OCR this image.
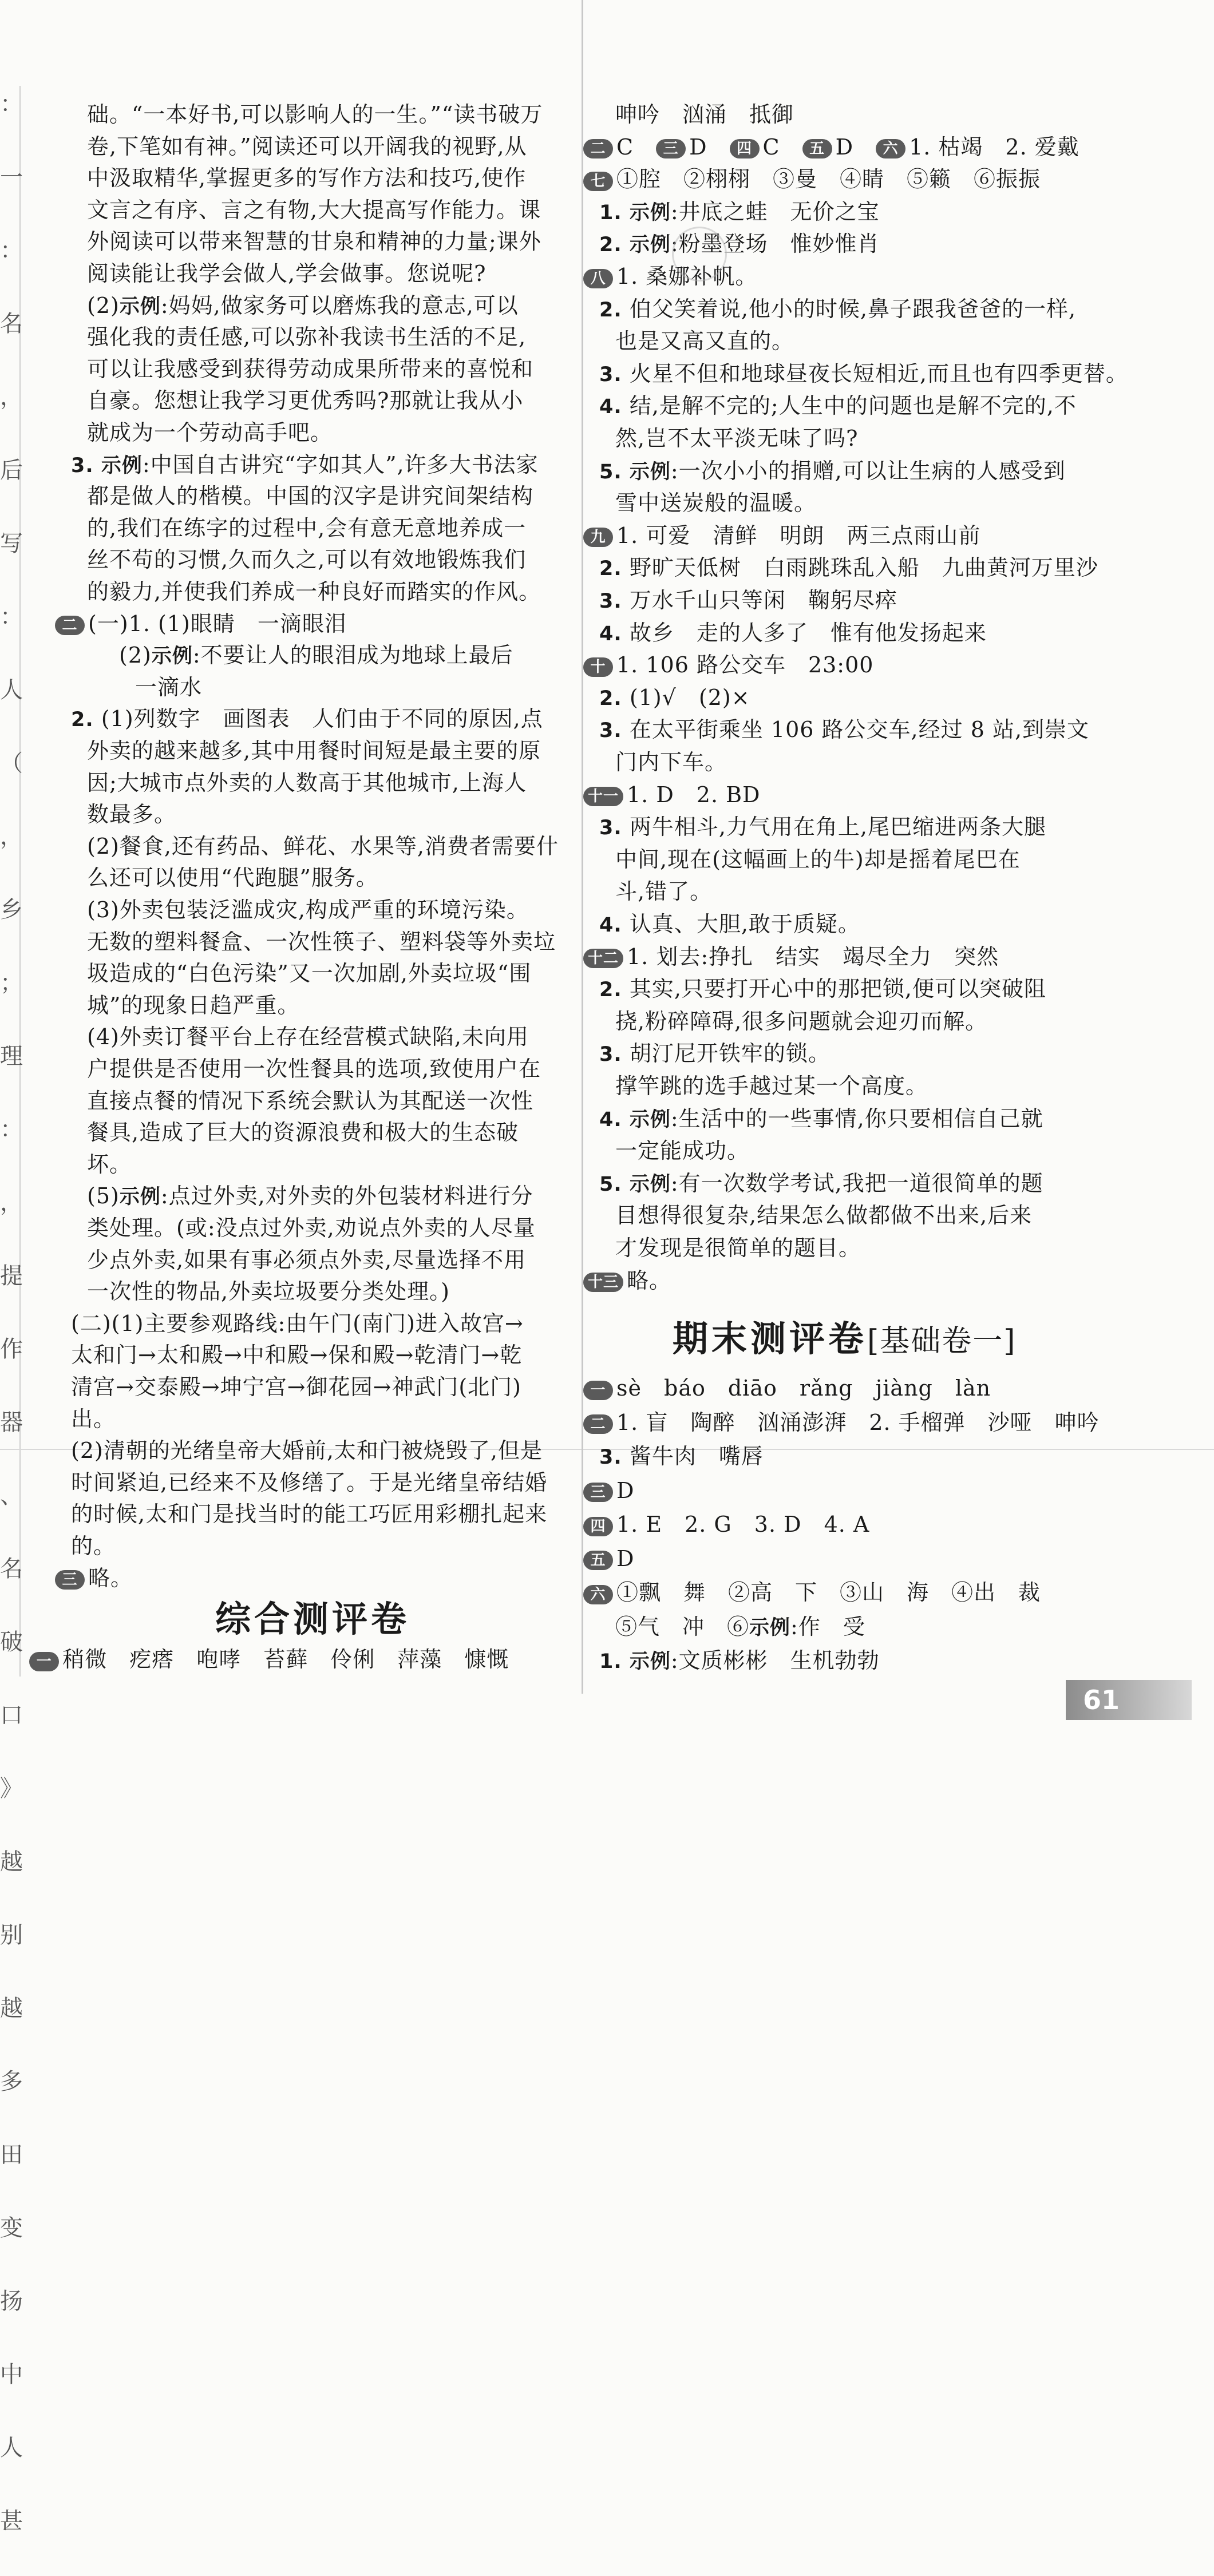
：

一

：

名

，

后

写

：

人

（

，

乡

；

理

：

，

提

作

器

、

名

破

口

》

越

别

越

多

田

变

扬

中

人

甚

础。“一本好书,可以影响人的一生。”“读书破万
卷,下笔如有神。”阅读还可以开阔我的视野,从
中汲取精华,掌握更多的写作方法和技巧,使作
文言之有序、言之有物,大大提高写作能力。课
外阅读可以带来智慧的甘泉和精神的力量;课外
阅读能让我学会做人,学会做事。您说呢?
(2)示例:妈妈,做家务可以磨炼我的意志,可以
强化我的责任感,可以弥补我读书生活的不足,
可以让我感受到获得劳动成果所带来的喜悦和
自豪。您想让我学习更优秀吗?那就让我从小
就成为一个劳动高手吧。
3. 示例:中国自古讲究“字如其人”,许多大书法家
都是做人的楷模。中国的汉字是讲究间架结构
的,我们在练字的过程中,会有意无意地养成一
丝不苟的习惯,久而久之,可以有效地锻炼我们
的毅力,并使我们养成一种良好而踏实的作风。
二 (一)1. (1)眼睛　一滴眼泪
(2)示例:不要让人的眼泪成为地球上最后
一滴水
2. (1)列数字　画图表　人们由于不同的原因,点
外卖的越来越多,其中用餐时间短是最主要的原
因;大城市点外卖的人数高于其他城市,上海人
数最多。
(2)餐食,还有药品、鲜花、水果等,消费者需要什
么还可以使用“代跑腿”服务。
(3)外卖包装泛滥成灾,构成严重的环境污染。
无数的塑料餐盒、一次性筷子、塑料袋等外卖垃
圾造成的“白色污染”又一次加剧,外卖垃圾“围
城”的现象日趋严重。
(4)外卖订餐平台上存在经营模式缺陷,未向用
户提供是否使用一次性餐具的选项,致使用户在
直接点餐的情况下系统会默认为其配送一次性
餐具,造成了巨大的资源浪费和极大的生态破
坏。
(5)示例:点过外卖,对外卖的外包装材料进行分
类处理。(或:没点过外卖,劝说点外卖的人尽量
少点外卖,如果有事必须点外卖,尽量选择不用
一次性的物品,外卖垃圾要分类处理。)
(二)(1)主要参观路线:由午门(南门)进入故宫→
太和门→太和殿→中和殿→保和殿→乾清门→乾
清宫→交泰殿→坤宁宫→御花园→神武门(北门)
出。
(2)清朝的光绪皇帝大婚前,太和门被烧毁了,但是
时间紧迫,已经来不及修缮了。于是光绪皇帝结婚
的时候,太和门是找当时的能工巧匠用彩棚扎起来
的。
三 略。
综合测评卷
一 稍微　疙瘩　咆哮　苔藓　伶俐　萍藻　慷慨
呻吟　汹涌　抵御
二 C　三 D　四 C　五 D　六 1. 枯竭　2. 爱戴
七 ①腔　②栩栩　③曼　④睛　⑤籁　⑥振振
1. 示例:井底之蛙　无价之宝
2. 示例:粉墨登场　惟妙惟肖
八 1. 桑娜补帆。
2. 伯父笑着说,他小的时候,鼻子跟我爸爸的一样,
也是又高又直的。
3. 火星不但和地球昼夜长短相近,而且也有四季更替。
4. 结,是解不完的;人生中的问题也是解不完的,不
然,岂不太平淡无味了吗?
5. 示例:一次小小的捐赠,可以让生病的人感受到
雪中送炭般的温暖。
九 1. 可爱　清鲜　明朗　两三点雨山前
2. 野旷天低树　白雨跳珠乱入船　九曲黄河万里沙
3. 万水千山只等闲　鞠躬尽瘁
4. 故乡　走的人多了　惟有他发扬起来
十 1. 106 路公交车　23:00
2. (1)√　(2)×
3. 在太平街乘坐 106 路公交车,经过 8 站,到崇文
门内下车。
十一 1. D　2. BD
3. 两牛相斗,力气用在角上,尾巴缩进两条大腿
中间,现在(这幅画上的牛)却是摇着尾巴在
斗,错了。
4. 认真、大胆,敢于质疑。
十二 1. 划去:挣扎　结实　竭尽全力　突然
2. 其实,只要打开心中的那把锁,便可以突破阻
挠,粉碎障碍,很多问题就会迎刃而解。
3. 胡汀尼开铁牢的锁。
撑竿跳的选手越过某一个高度。
4. 示例:生活中的一些事情,你只要相信自己就
一定能成功。
5. 示例:有一次数学考试,我把一道很简单的题
目想得很复杂,结果怎么做都做不出来,后来
才发现是很简单的题目。
十三 略。
期末测评卷[基础卷一]
一 sè　báo　diāo　rǎng　jiàng　làn
二 1. 盲　陶醉　汹涌澎湃　2. 手榴弹　沙哑　呻吟
3. 酱牛肉　嘴唇
三 D
四 1. E　2. G　3. D　4. A
五 D
六 ①飘　舞　②高　下　③山　海　④出　裁
⑤气　冲　⑥示例:作　受
1. 示例:文质彬彬　生机勃勃
61
